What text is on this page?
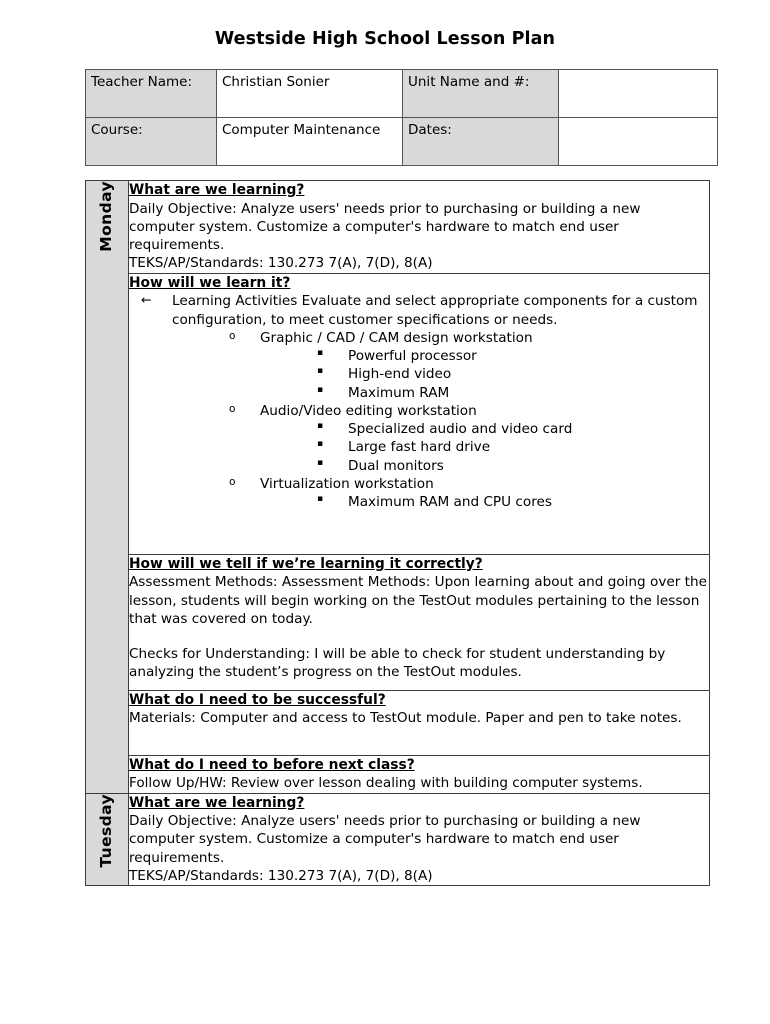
Westside High School Lesson Plan
Teacher Name:	Christian Sonier	Unit Name and #:	
Course:	Computer Maintenance	Dates:	
Monday	What are we learning?
Daily Objective: Analyze users' needs prior to purchasing or building a new computer system. Customize a computer's hardware to match end user requirements.
TEKS/AP/Standards: 130.273 7(A), 7(D), 8(A)

How will we learn it?
←	Learning Activities Evaluate and select appropriate components for a custom configuration, to meet customer specifications or needs.
o	Graphic / CAD / CAM design workstation
▪	Powerful processor
▪	High-end video
▪	Maximum RAM
o	Audio/Video editing workstation
▪	Specialized audio and video card
▪	Large fast hard drive
▪	Dual monitors
o	Virtualization workstation
▪	Maximum RAM and CPU cores

	How will we tell if we’re learning it correctly?
Assessment Methods: Assessment Methods: Upon learning about and going over the lesson, students will begin working on the TestOut modules pertaining to the lesson that was covered on today.
Checks for Understanding: I will be able to check for student understanding by analyzing the student’s progress on the TestOut modules.

	What do I need to be successful?
Materials: Computer and access to TestOut module. Paper and pen to take notes.

	What do I need to before next class?
Follow Up/HW: Review over lesson dealing with building computer systems.

Tuesday	What are we learning?
Daily Objective: Analyze users' needs prior to purchasing or building a new computer system. Customize a computer's hardware to match end user requirements.
TEKS/AP/Standards: 130.273 7(A), 7(D), 8(A)
